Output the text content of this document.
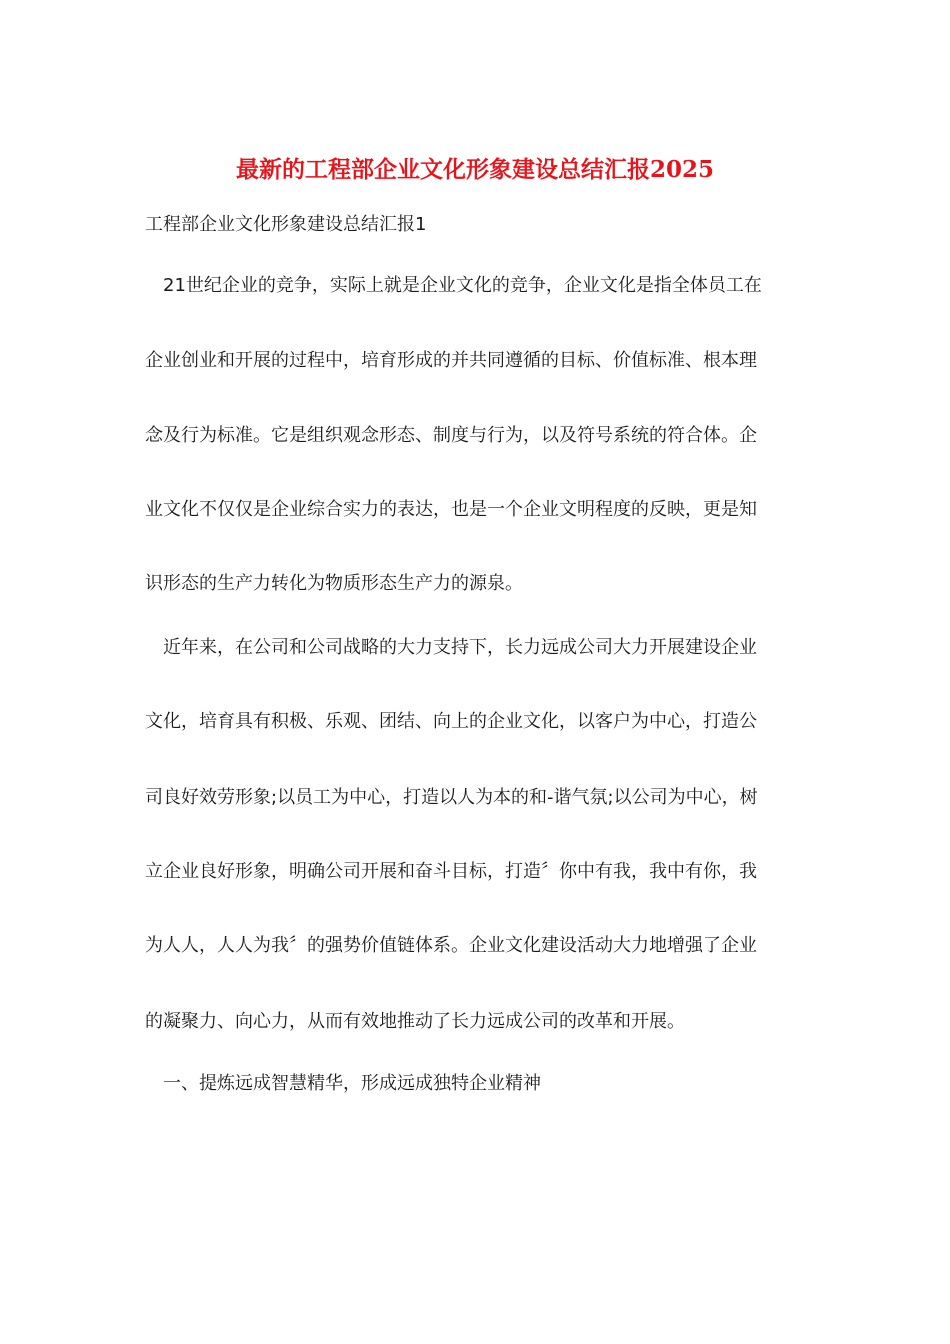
最新的工程部企业文化形象建设总结汇报2025

工程部企业文化形象建设总结汇报1

21世纪企业的竞争，实际上就是企业文化的竞争，企业文化是指全体员工在

企业创业和开展的过程中，培育形成的并共同遵循的目标、价值标准、根本理

念及行为标准。它是组织观念形态、制度与行为，以及符号系统的符合体。企

业文化不仅仅是企业综合实力的表达，也是一个企业文明程度的反映，更是知

识形态的生产力转化为物质形态生产力的源泉。

近年来，在公司和公司战略的大力支持下，长力远成公司大力开展建设企业

文化，培育具有积极、乐观、团结、向上的企业文化，以客户为中心，打造公

司良好效劳形象;以员工为中心，打造以人为本的和-谐气氛;以公司为中心，树

立企业良好形象，明确公司开展和奋斗目标，打造〞你中有我，我中有你，我

为人人，人人为我〞的强势价值链体系。企业文化建设活动大力地增强了企业

的凝聚力、向心力，从而有效地推动了长力远成公司的改革和开展。

一、提炼远成智慧精华，形成远成独特企业精神
